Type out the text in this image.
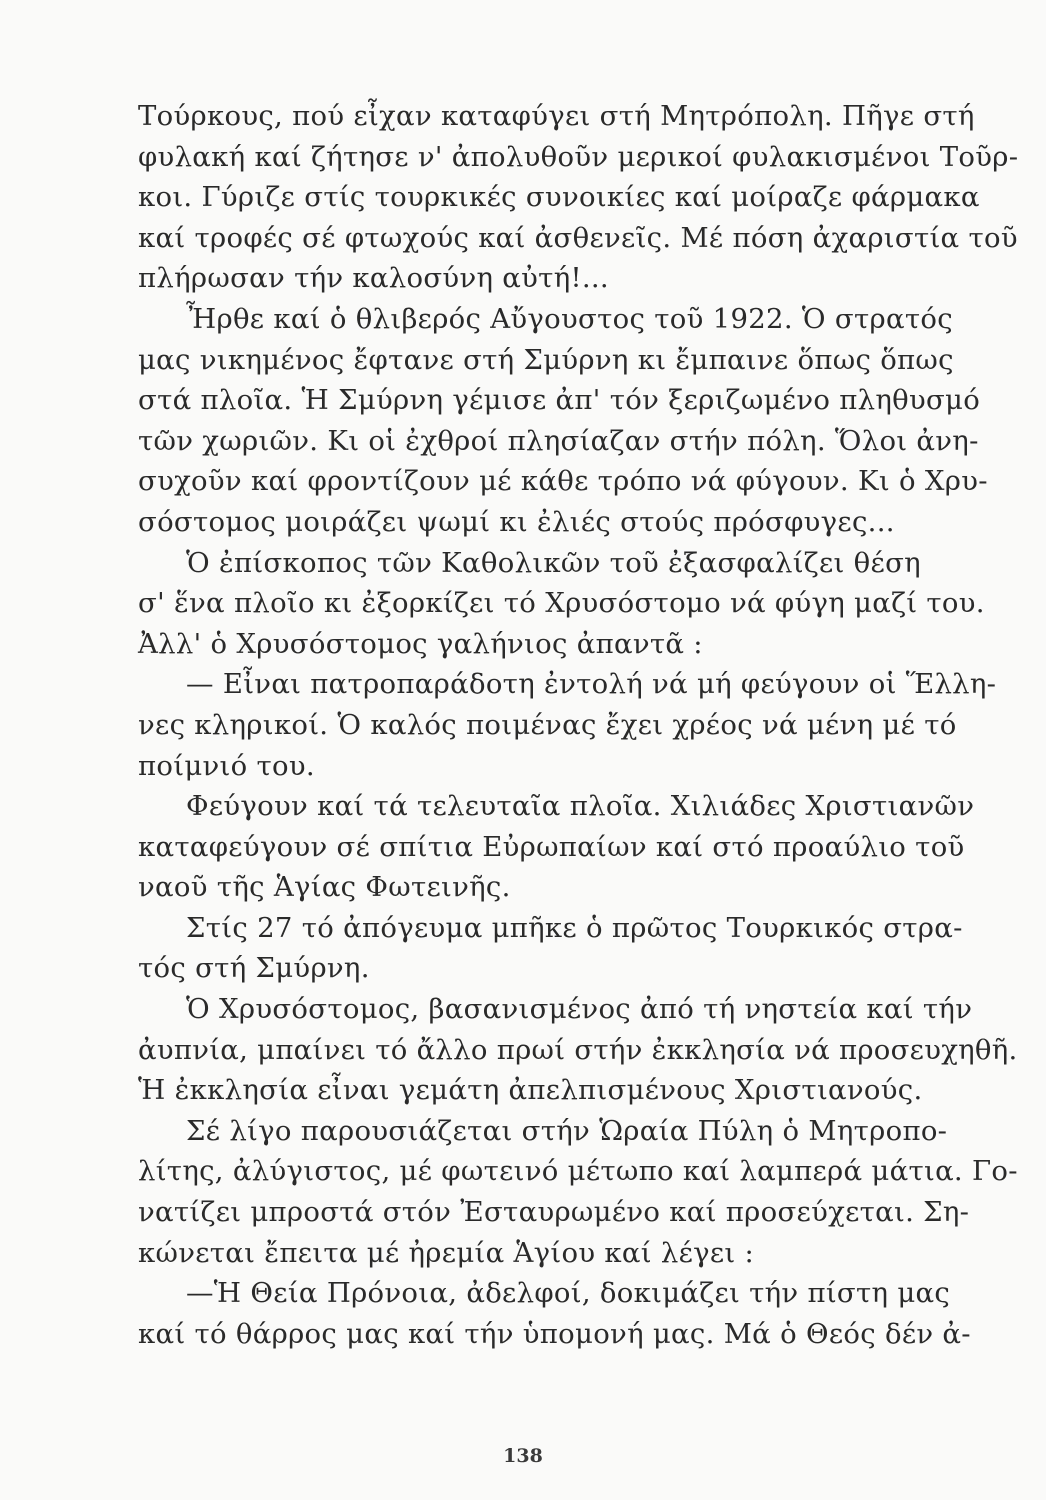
Τούρκους, πού εἶχαν καταφύγει στή Μητρόπολη. Πῆγε στή
φυλακή καί ζήτησε ν' ἀπολυθοῦν μερικοί φυλακισμένοι Τοῦρ-
κοι. Γύριζε στίς τουρκικές συνοικίες καί μοίραζε φάρμακα
καί τροφές σέ φτωχούς καί ἀσθενεῖς. Μέ πόση ἀχαριστία τοῦ
πλήρωσαν τήν καλοσύνη αὐτή!...
Ἦρθε καί ὁ θλιβερός Αὔγουστος τοῦ 1922. Ὁ στρατός
μας νικημένος ἔφτανε στή Σμύρνη κι ἔμπαινε ὅπως ὅπως
στά πλοῖα. Ἡ Σμύρνη γέμισε ἀπ' τόν ξεριζωμένο πληθυσμό
τῶν χωριῶν. Κι οἱ ἐχθροί πλησίαζαν στήν πόλη. Ὅλοι ἀνη-
συχοῦν καί φροντίζουν μέ κάθε τρόπο νά φύγουν. Κι ὁ Χρυ-
σόστομος μοιράζει ψωμί κι ἐλιές στούς πρόσφυγες...
Ὁ ἐπίσκοπος τῶν Καθολικῶν τοῦ ἐξασφαλίζει θέση
σ' ἕνα πλοῖο κι ἐξορκίζει τό Χρυσόστομο νά φύγη μαζί του.
Ἀλλ' ὁ Χρυσόστομος γαλήνιος ἀπαντᾶ :
— Εἶναι πατροπαράδοτη ἐντολή νά μή φεύγουν οἱ Ἕλλη-
νες κληρικοί. Ὁ καλός ποιμένας ἔχει χρέος νά μένη μέ τό
ποίμνιό του.
Φεύγουν καί τά τελευταῖα πλοῖα. Χιλιάδες Χριστιανῶν
καταφεύγουν σέ σπίτια Εὐρωπαίων καί στό προαύλιο τοῦ
ναοῦ τῆς Ἁγίας Φωτεινῆς.
Στίς 27 τό ἀπόγευμα μπῆκε ὁ πρῶτος Τουρκικός στρα-
τός στή Σμύρνη.
Ὁ Χρυσόστομος, βασανισμένος ἀπό τή νηστεία καί τήν
ἀυπνία, μπαίνει τό ἄλλο πρωί στήν ἐκκλησία νά προσευχηθῆ.
Ἡ ἐκκλησία εἶναι γεμάτη ἀπελπισμένους Χριστιανούς.
Σέ λίγο παρουσιάζεται στήν Ὡραία Πύλη ὁ Μητροπο-
λίτης, ἀλύγιστος, μέ φωτεινό μέτωπο καί λαμπερά μάτια. Γο-
νατίζει μπροστά στόν Ἐσταυρωμένο καί προσεύχεται. Ση-
κώνεται ἔπειτα μέ ἠρεμία Ἁγίου καί λέγει :
—Ἡ Θεία Πρόνοια, ἀδελφοί, δοκιμάζει τήν πίστη μας
καί τό θάρρος μας καί τήν ὑπομονή μας. Μά ὁ Θεός δέν ἀ-
138
